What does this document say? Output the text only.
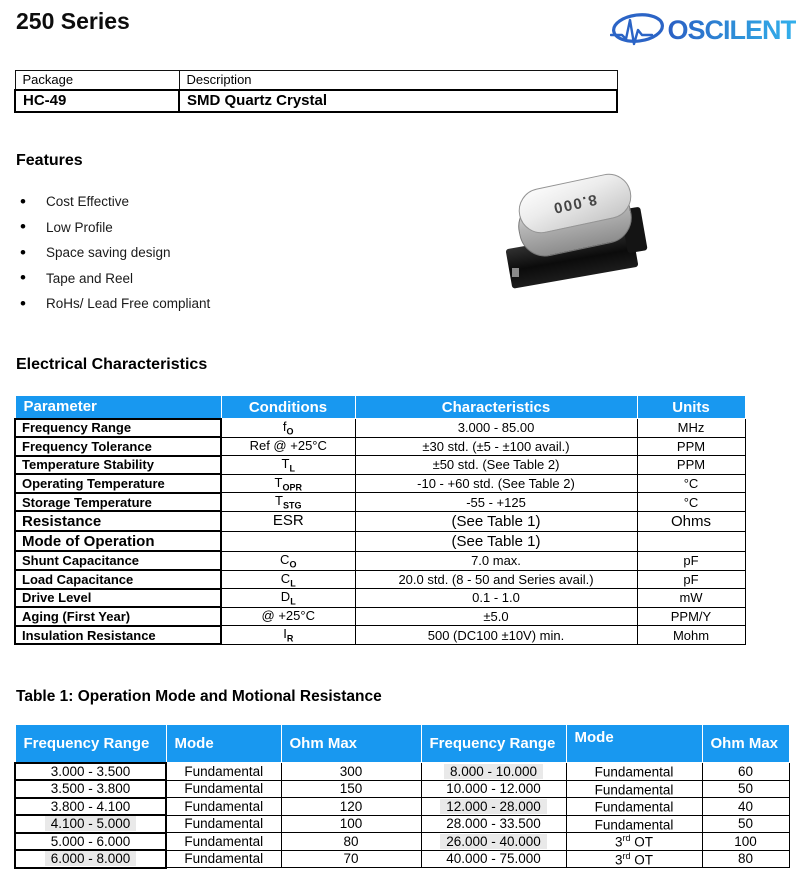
250 Series	OSCILENT
Package	Description
HC-49	SMD Quartz Crystal
Features
• Cost Effective
• Low Profile
• Space saving design
• Tape and Reel
• RoHs/ Lead Free compliant
8.000
Electrical Characteristics
Parameter	Conditions	Characteristics	Units
Frequency Range	$f_O$	3.000 - 85.00	MHz
Frequency Tolerance	Ref @ +25°C	±30 std. (±5 - ±100 avail.)	PPM
Temperature Stability	$T_L$	±50 std. (See Table 2)	PPM
Operating Temperature	$T_{OPR}$	-10 - +60 std. (See Table 2)	°C
Storage Temperature	$T_{STG}$	-55 - +125	°C
Resistance	ESR	(See Table 1)	Ohms
Mode of Operation		(See Table 1)	
Shunt Capacitance	$C_O$	7.0 max.	pF
Load Capacitance	$C_L$	20.0 std. (8 - 50 and Series avail.)	pF
Drive Level	$D_L$	0.1 - 1.0	mW
Aging (First Year)	@ +25°C	±5.0	PPM/Y
Insulation Resistance	$I_R$	500 (DC100 ±10V) min.	Mohm
Table 1: Operation Mode and Motional Resistance
Frequency Range	Mode	Ohm Max	Frequency Range	Mode	Ohm Max
3.000 - 3.500	Fundamental	300	8.000 - 10.000	Fundamental	60
3.500 - 3.800	Fundamental	150	10.000 - 12.000	Fundamental	50
3.800 - 4.100	Fundamental	120	12.000 - 28.000	Fundamental	40
4.100 - 5.000	Fundamental	100	28.000 - 33.500	Fundamental	50
5.000 - 6.000	Fundamental	80	26.000 - 40.000	3rd OT	100
6.000 - 8.000	Fundamental	70	40.000 - 75.000	3rd OT	80
